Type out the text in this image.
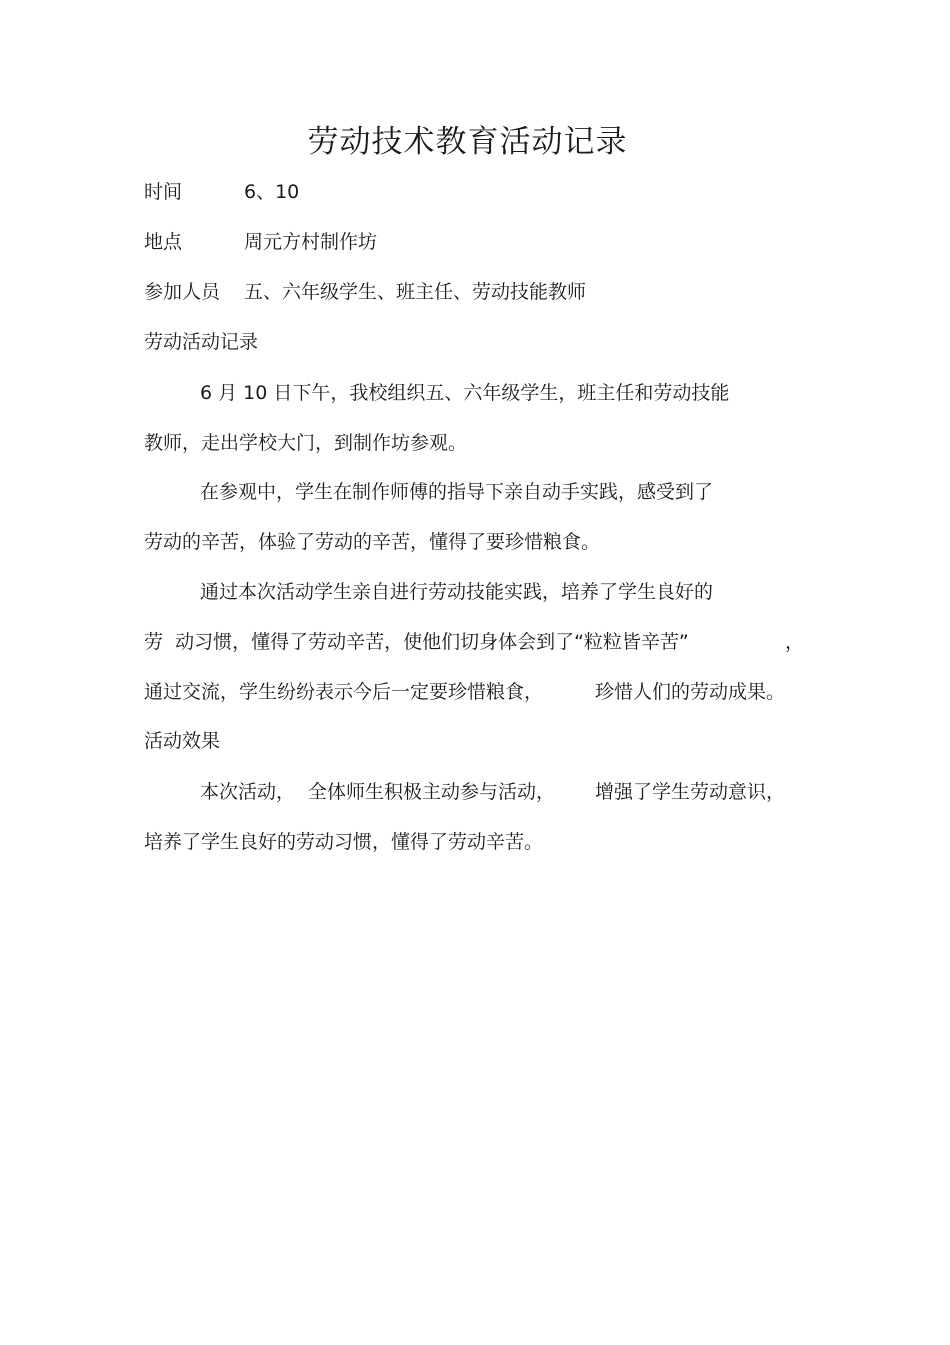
劳动技术教育活动记录
时间	6、10
地点	周元方村制作坊
参加人员 五、六年级学生、班主任、劳动技能教师
劳动活动记录
6 月 10 日下午，我校组织五、六年级学生，班主任和劳动技能
教师，走出学校大门，到制作坊参观。
在参观中，学生在制作师傅的指导下亲自动手实践，感受到了
劳动的辛苦，体验了劳动的辛苦，懂得了要珍惜粮食。
通过本次活动学生亲自进行劳动技能实践，培养了学生良好的
劳  动习惯，懂得了劳动辛苦，使他们切身体会到了“粒粒皆辛苦”	，
通过交流，学生纷纷表示今后一定要珍惜粮食，	珍惜人们的劳动成果。
活动效果
本次活动， 全体师生积极主动参与活动， 增强了学生劳动意识，
培养了学生良好的劳动习惯，懂得了劳动辛苦。
